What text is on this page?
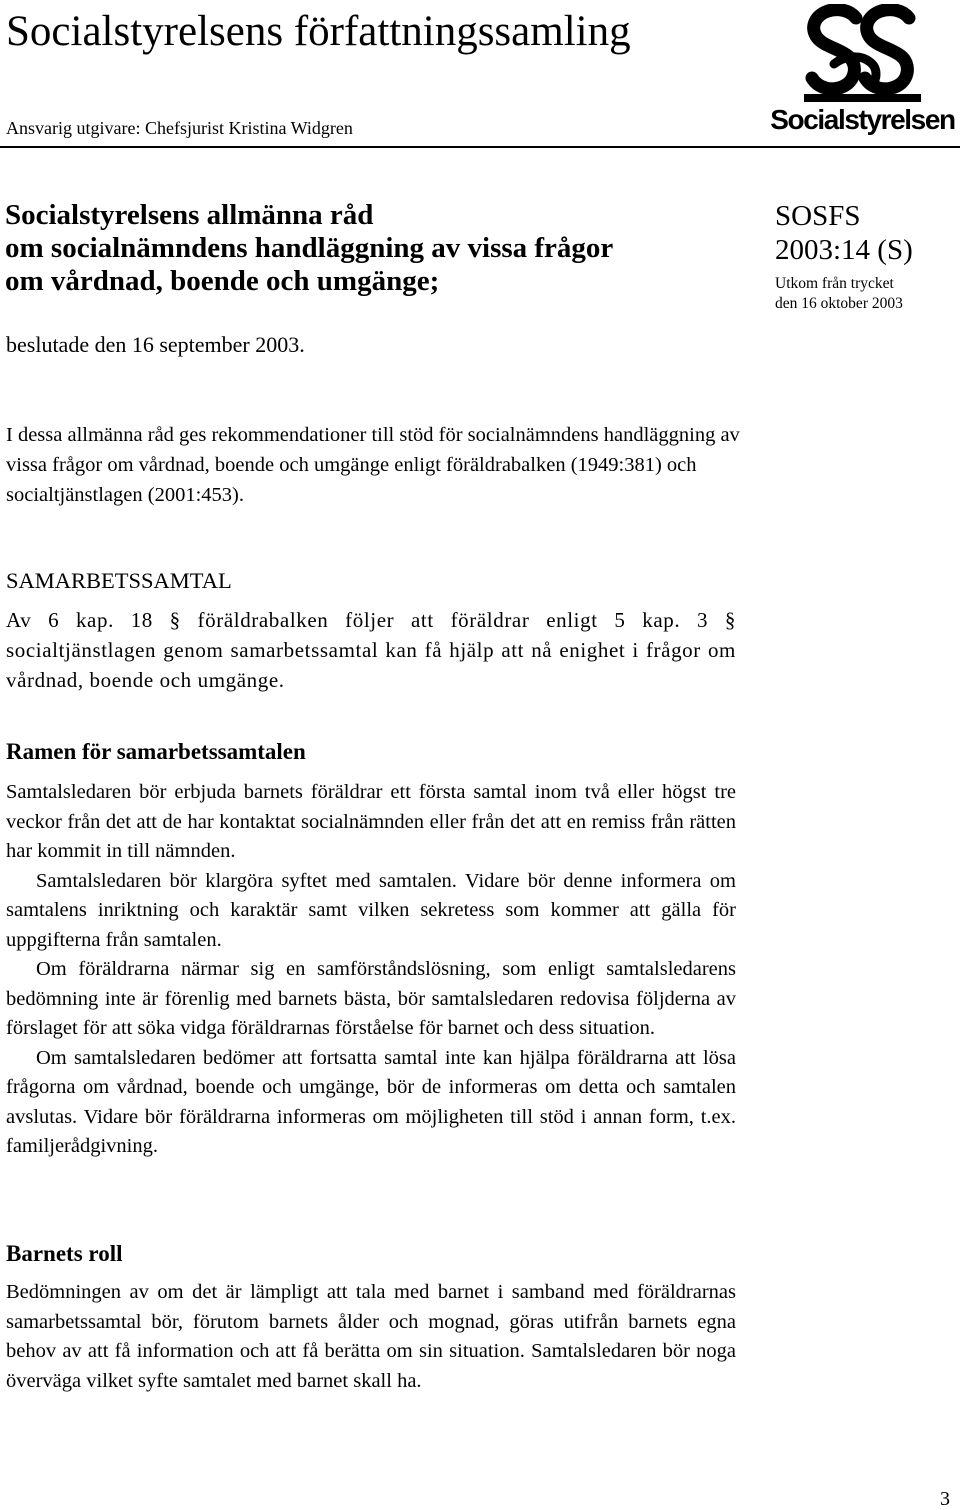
Socialstyrelsens författningssamling
Ansvarig utgivare: Chefsjurist Kristina Widgren	Socialstyrelsen
Socialstyrelsens allmänna råd
om socialnämndens handläggning av vissa frågor
om vårdnad, boende och umgänge;
beslutade den 16 september 2003.
SOSFS
2003:14 (S)
Utkom från trycket
den 16 oktober 2003
I dessa allmänna råd ges rekommendationer till stöd för socialnämndens handläggning av vissa frågor om vårdnad, boende och umgänge enligt föräldrabalken (1949:381) och socialtjänstlagen (2001:453).
SAMARBETSSAMTAL
Av 6 kap. 18 § föräldrabalken följer att föräldrar enligt 5 kap. 3 § socialtjänstlagen genom samarbetssamtal kan få hjälp att nå enighet i frågor om vårdnad, boende och umgänge.
Ramen för samarbetssamtalen

Samtalsledaren bör erbjuda barnets föräldrar ett första samtal inom två eller högst tre veckor från det att de har kontaktat socialnämnden eller från det att en remiss från rätten har kommit in till nämnden.

Samtalsledaren bör klargöra syftet med samtalen. Vidare bör denne informera om samtalens inriktning och karaktär samt vilken sekretess som kommer att gälla för uppgifterna från samtalen.

Om föräldrarna närmar sig en samförståndslösning, som enligt samtalsledarens bedömning inte är förenlig med barnets bästa, bör samtalsledaren redovisa följderna av förslaget för att söka vidga föräldrarnas förståelse för barnet och dess situation.

Om samtalsledaren bedömer att fortsatta samtal inte kan hjälpa föräldrarna att lösa frågorna om vårdnad, boende och umgänge, bör de informeras om detta och samtalen avslutas. Vidare bör föräldrarna informeras om möjligheten till stöd i annan form, t.ex. familjerådgivning.

Barnets roll

Bedömningen av om det är lämpligt att tala med barnet i samband med föräldrarnas samarbetssamtal bör, förutom barnets ålder och mognad, göras utifrån barnets egna behov av att få information och att få berätta om sin situation. Samtalsledaren bör noga överväga vilket syfte samtalet med barnet skall ha.

3
